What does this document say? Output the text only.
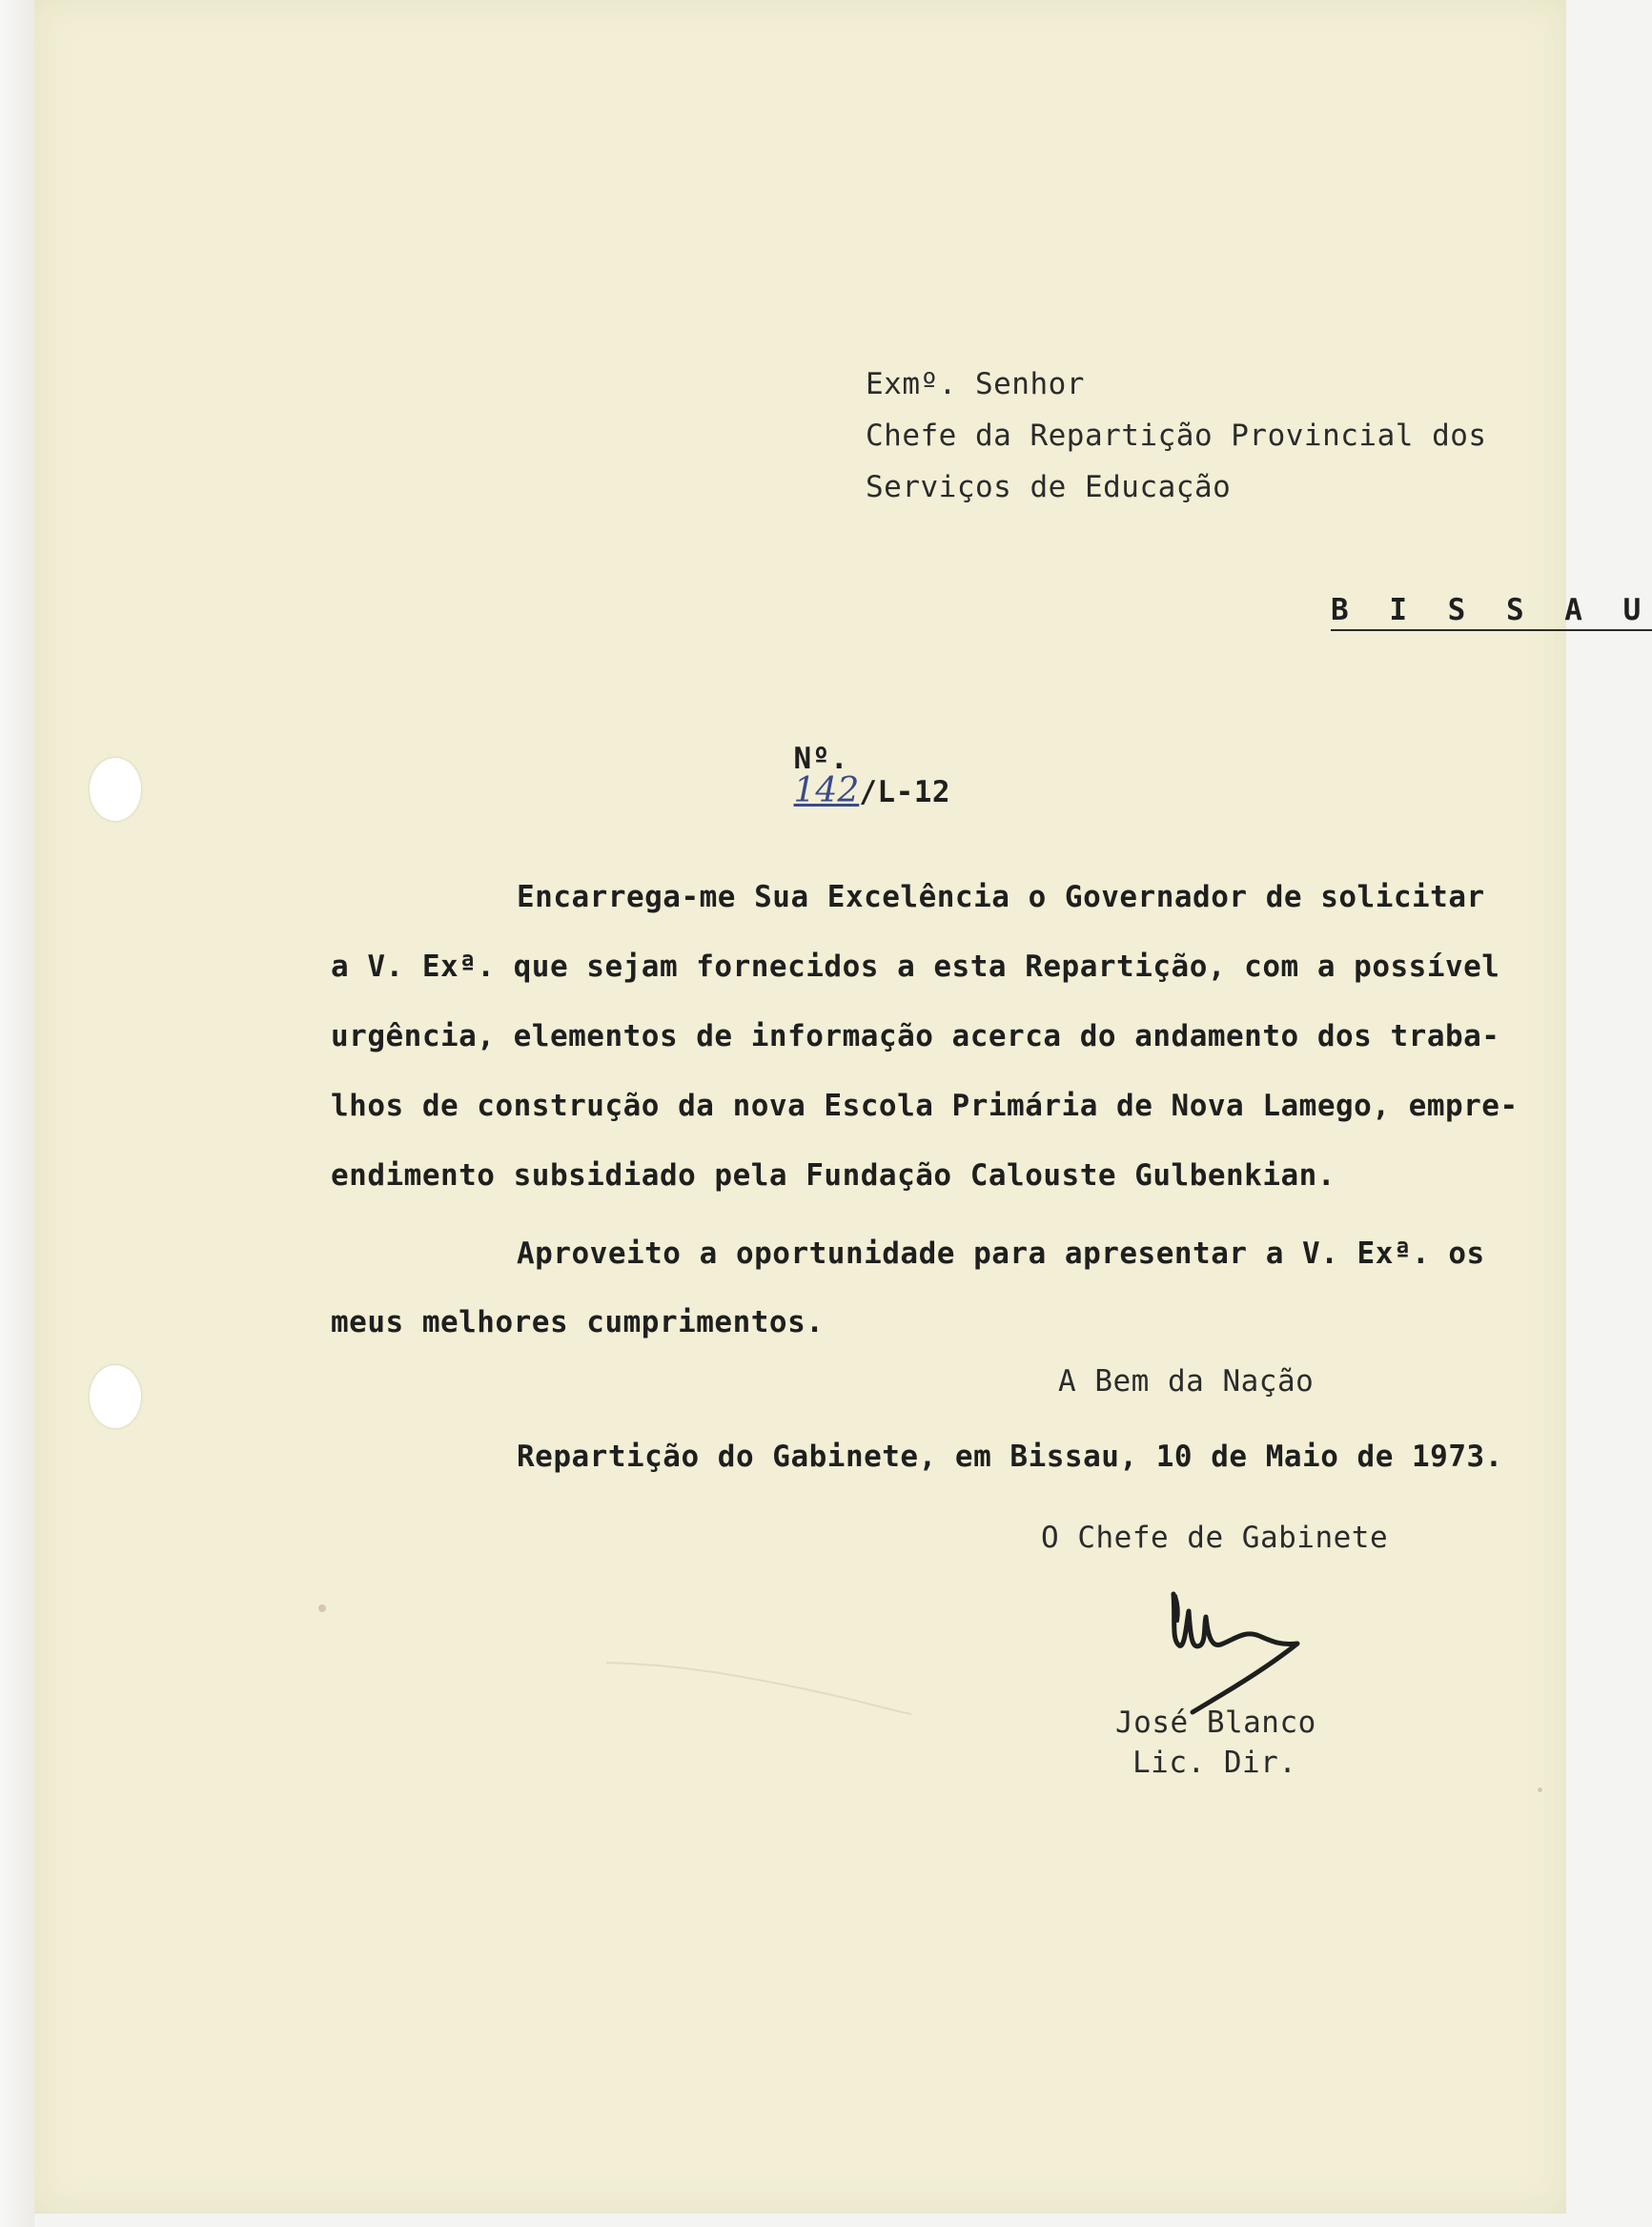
Exmº. Senhor
Chefe da Repartição Provincial dos
Serviços de Educação
B I S S A U

Nº.
142/L-12

Encarrega-me Sua Excelência o Governador de solicitar
a V. Exª. que sejam fornecidos a esta Repartição, com a possível
urgência, elementos de informação acerca do andamento dos traba-
lhos de construção da nova Escola Primária de Nova Lamego, empre-
endimento subsidiado pela Fundação Calouste Gulbenkian.
Aproveito a oportunidade para apresentar a V. Exª. os
meus melhores cumprimentos.
A Bem da Nação
Repartição do Gabinete, em Bissau, 10 de Maio de 1973.
O Chefe de Gabinete
José Blanco
Lic. Dir.
